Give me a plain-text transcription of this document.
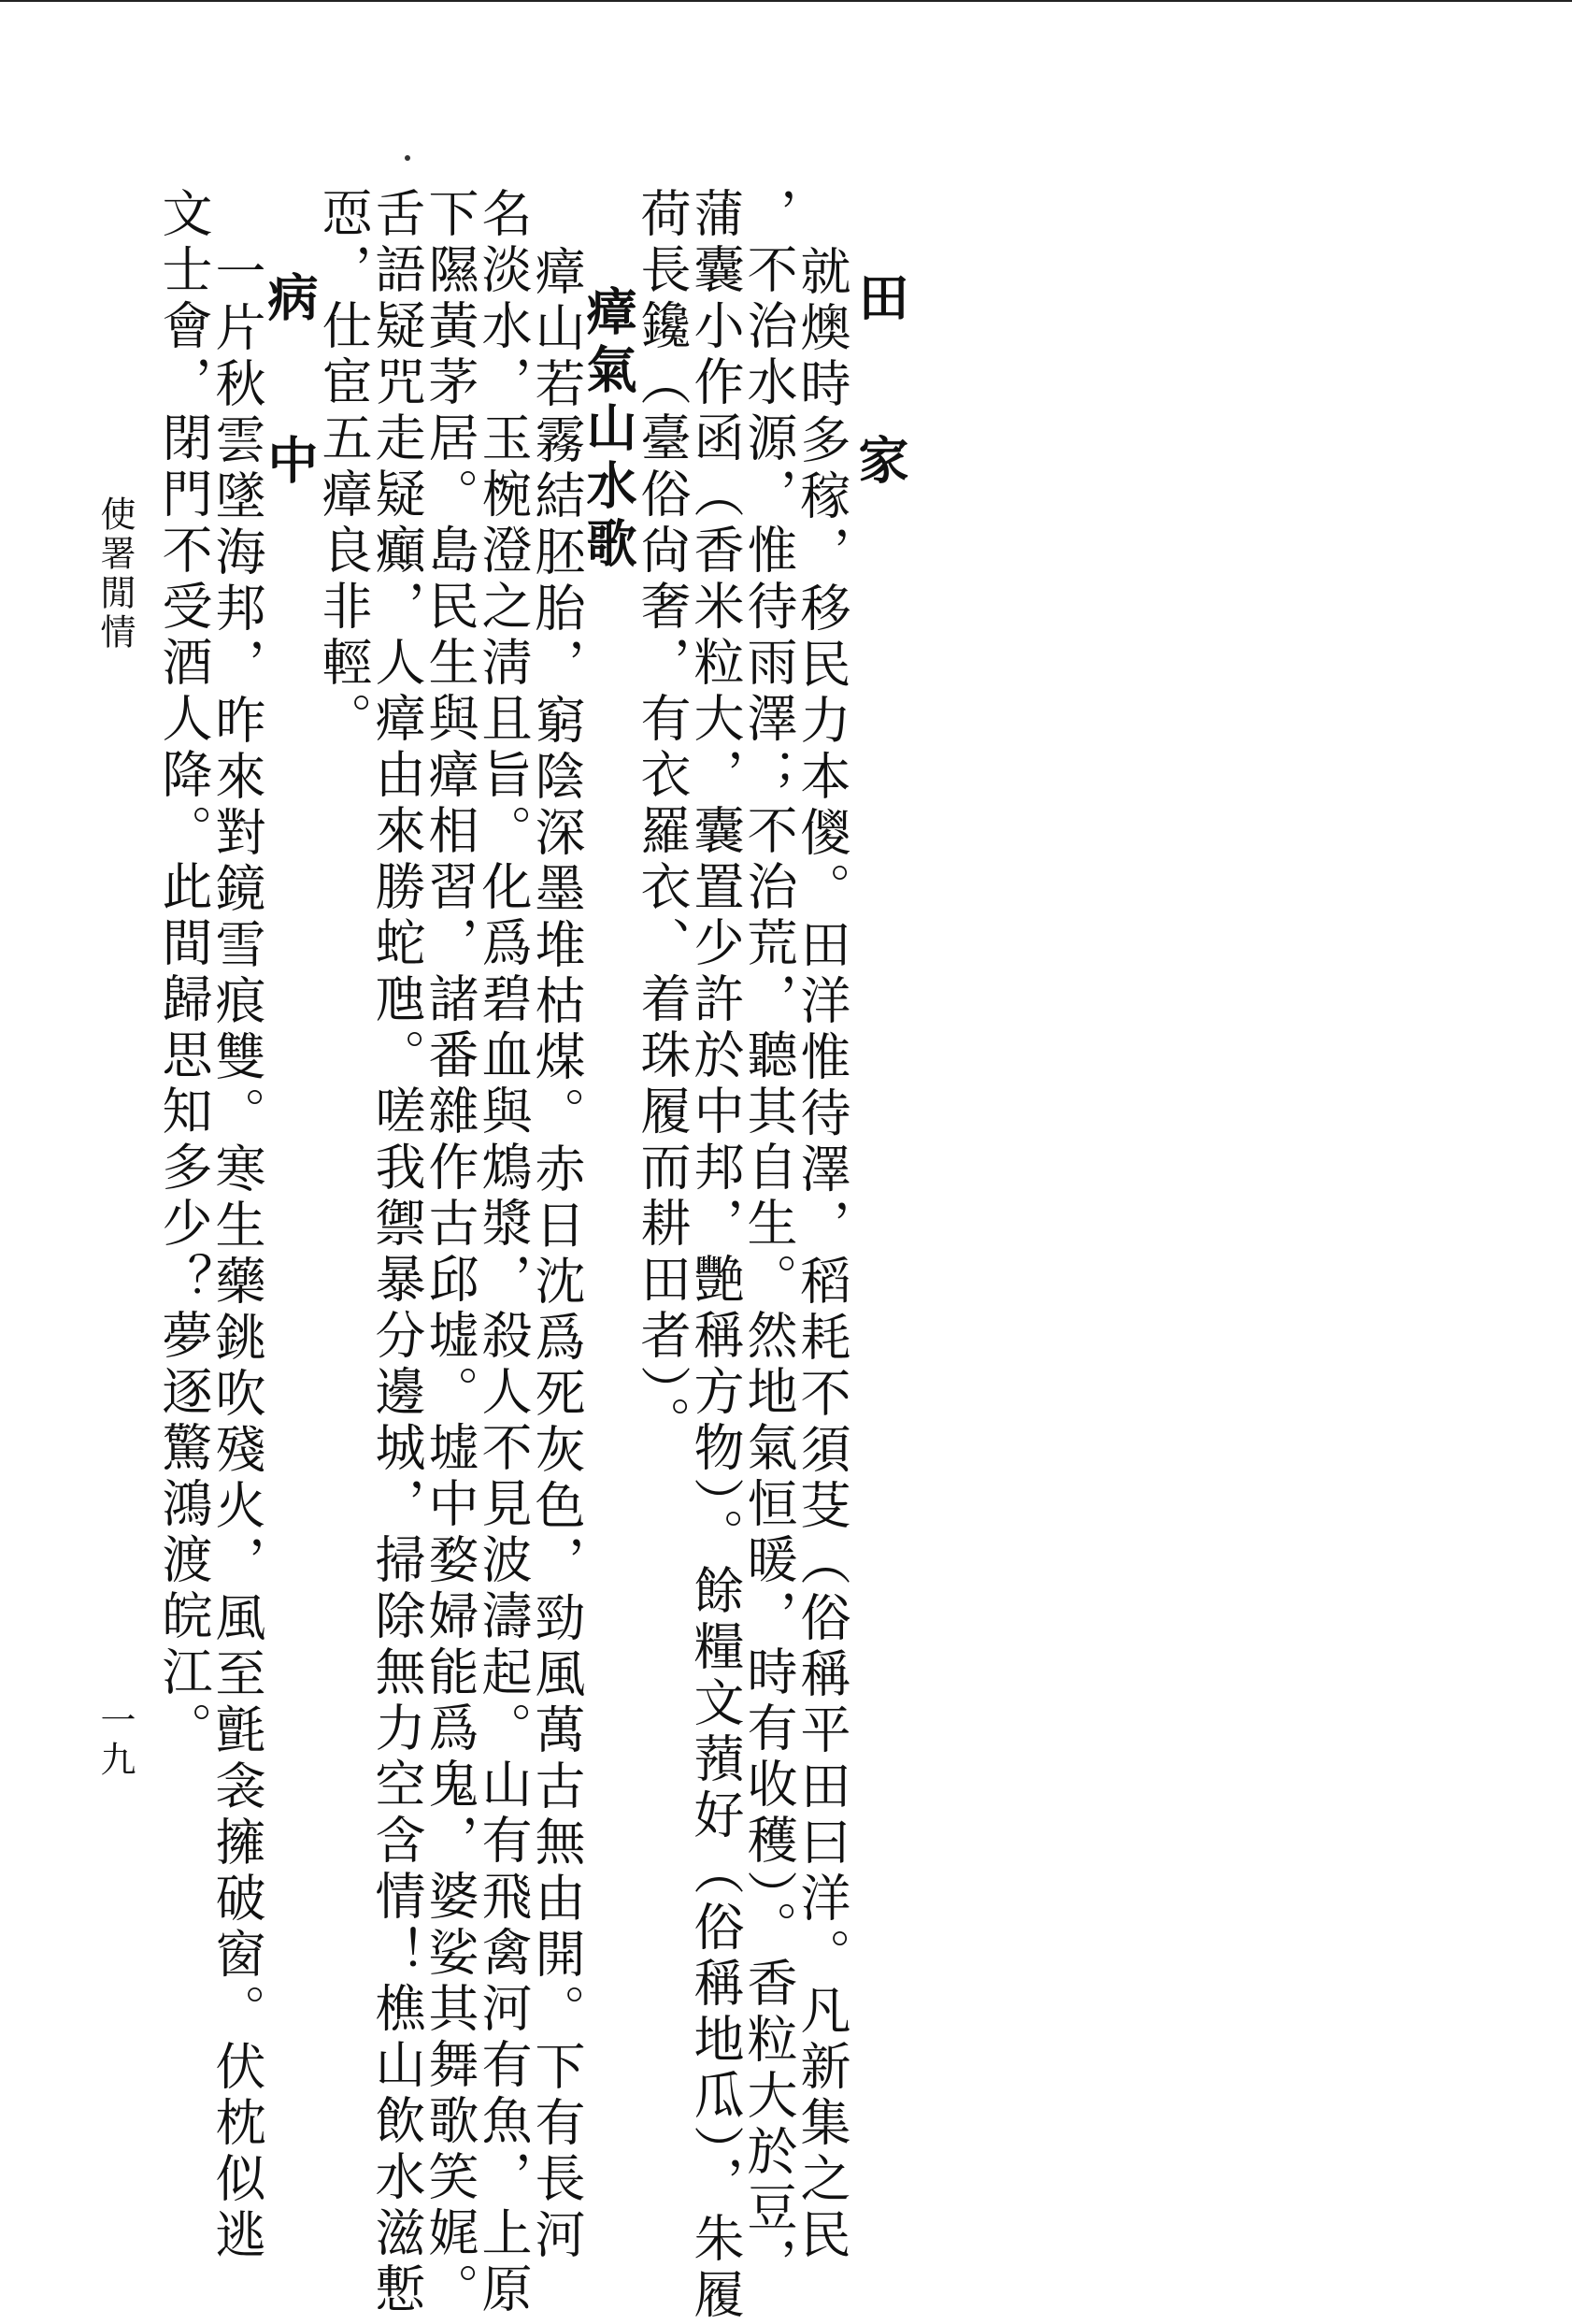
田 家
就燠時多稼，移民力本儍。田洋惟待澤，稻耗不須芟（俗稱平田曰洋。凡新集之民
，不治水源，惟待雨澤；不治荒，聽其自生。然地氣恒暖，時有收穫）。香粒大於豆，
蒲囊小作函（香米粒大，囊置少許於中邦，艷稱方物）。餘糧文蕷好（俗稱地瓜），朱履
荷長鑱（臺俗尙奢，有衣羅衣、着珠履而耕田者）。
瘴氣山水歌
瘴山若霧結胚胎，窮陰深墨堆枯煤。赤日沈爲死灰色，勁風萬古無由開。下有長河
名淡水，玉椀澄之淸且旨。化爲碧血與鴆漿，殺人不見波濤起。山有飛禽河有魚，上原
下隰黃茅居。島民生與瘴相習，諸番雜作古邱墟。墟中婺婦能爲鬼，婆娑其舞歌笑娓。
舌語疑咒走疑癲，人瘴由來勝蛇虺。嗟我禦暴分邊城，掃除無力空含情！樵山飲水滋慙
恧，仕宦五瘴良非輕。
病 中
一片秋雲墜海邦，昨來對鏡雪痕雙。寒生藥銚吹殘火，風至氈衾擁破窗。伏枕似逃
文士會，閉門不受酒人降。此間歸思知多少？夢逐驚鴻渡皖江。
使署閒情
一九
